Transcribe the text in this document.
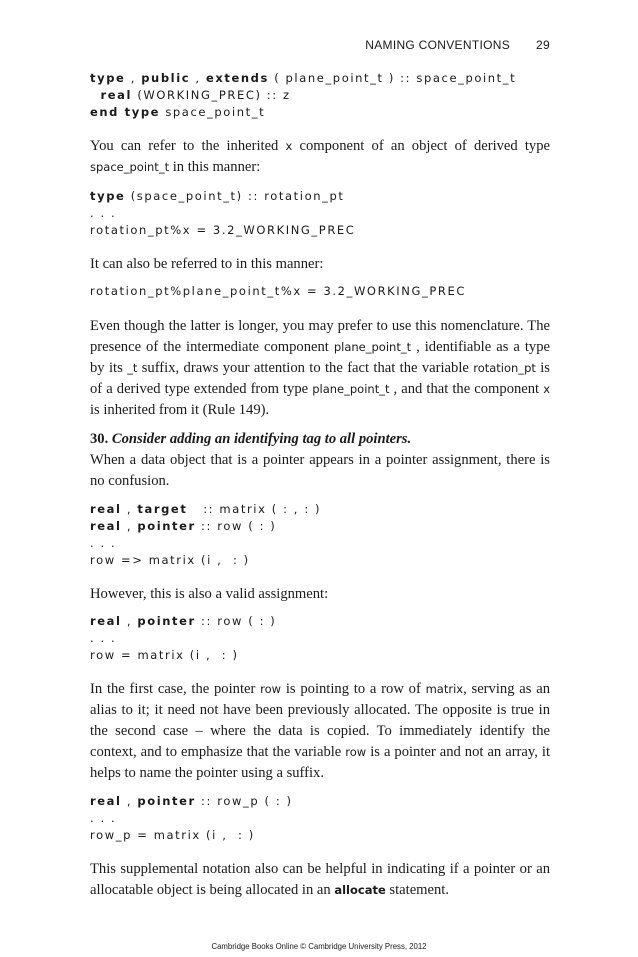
NAMING CONVENTIONS 29
type , public , extends ( plane_point_t ) :: space_point_t
real (WORKING_PREC) :: z
end type space_point_t

You can refer to the inherited x component of an object of derived type space_point_t in this manner:

type (space_point_t) :: rotation_pt
. . .
rotation_pt%x = 3.2_WORKING_PREC

It can also be referred to in this manner:

rotation_pt%plane_point_t%x = 3.2_WORKING_PREC

Even though the latter is longer, you may prefer to use this nomenclature. The presence of the intermediate component plane_point_t , identifiable as a type by its _t suffix, draws your attention to the fact that the variable rotation_pt is of a derived type extended from type plane_point_t , and that the component x is inherited from it (Rule 149).

30. Consider adding an identifying tag to all pointers.

When a data object that is a pointer appears in a pointer assignment, there is no confusion.

real , target   :: matrix ( : , : )
real , pointer :: row ( : )
. . .
row => matrix (i ,  : )

However, this is also a valid assignment:

real , pointer :: row ( : )
. . .
row = matrix (i ,  : )

In the first case, the pointer row is pointing to a row of matrix, serving as an alias to it; it need not have been previously allocated. The opposite is true in the second case – where the data is copied. To immediately identify the context, and to emphasize that the variable row is a pointer and not an array, it helps to name the pointer using a suffix.

real , pointer :: row_p ( : )
. . .
row_p = matrix (i ,  : )

This supplemental notation also can be helpful in indicating if a pointer or an allocatable object is being allocated in an allocate statement.

Cambridge Books Online © Cambridge University Press, 2012
